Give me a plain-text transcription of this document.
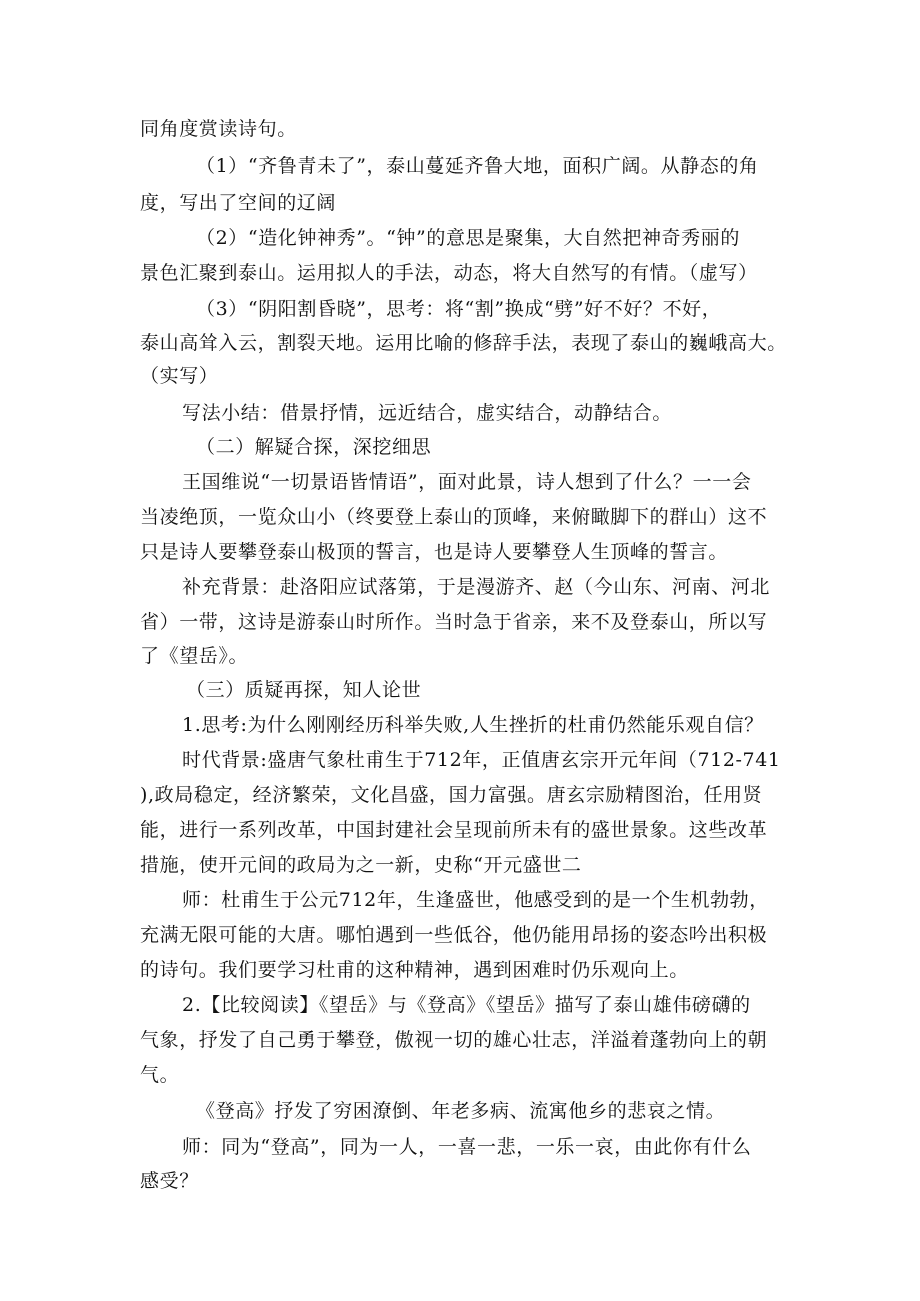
同角度赏读诗句。
（1）“齐鲁青未了”，泰山蔓延齐鲁大地，面积广阔。从静态的角
度，写出了空间的辽阔
（2）“造化钟神秀”。“钟”的意思是聚集，大自然把神奇秀丽的
景色汇聚到泰山。运用拟人的手法，动态，将大自然写的有情。（虚写）
（3）“阴阳割昏晓”，思考：将“割”换成“劈”好不好？不好，
泰山高耸入云，割裂天地。运用比喻的修辞手法，表现了泰山的巍峨高大。
（实写）
写法小结：借景抒情，远近结合，虚实结合，动静结合。
（二）解疑合探，深挖细思
王国维说“一切景语皆情语”，面对此景，诗人想到了什么？一一会
当凌绝顶，一览众山小（终要登上泰山的顶峰，来俯瞰脚下的群山）这不
只是诗人要攀登泰山极顶的誓言，也是诗人要攀登人生顶峰的誓言。
补充背景：赴洛阳应试落第，于是漫游齐、赵（今山东、河南、河北
省）一带，这诗是游泰山时所作。当时急于省亲，来不及登泰山，所以写
了《望岳》。
（三）质疑再探，知人论世
1.思考:为什么刚刚经历科举失败,人生挫折的杜甫仍然能乐观自信？
时代背景:盛唐气象杜甫生于712年，正值唐玄宗开元年间（712-741
),政局稳定，经济繁荣，文化昌盛，国力富强。唐玄宗励精图治，任用贤
能，进行一系列改革，中国封建社会呈现前所未有的盛世景象。这些改革
措施，使开元间的政局为之一新，史称“开元盛世二
师：杜甫生于公元712年，生逢盛世，他感受到的是一个生机勃勃，
充满无限可能的大唐。哪怕遇到一些低谷，他仍能用昂扬的姿态吟出积极
的诗句。我们要学习杜甫的这种精神，遇到困难时仍乐观向上。
2.【比较阅读】《望岳》与《登高》《望岳》描写了泰山雄伟磅礴的
气象，抒发了自己勇于攀登，傲视一切的雄心壮志，洋溢着蓬勃向上的朝
气。
《登高》抒发了穷困潦倒、年老多病、流寓他乡的悲哀之情。
师：同为“登高”，同为一人，一喜一悲，一乐一哀，由此你有什么
感受？
